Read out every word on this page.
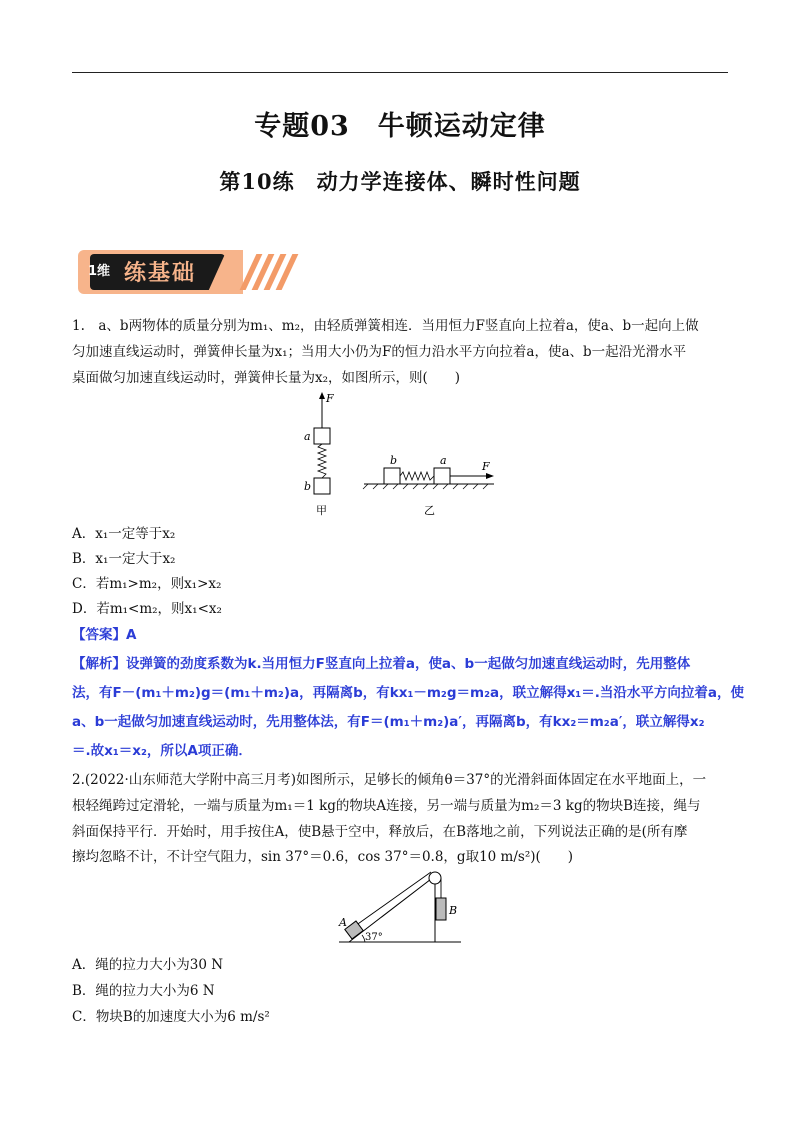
专题03　牛顿运动定律
第10练　动力学连接体、瞬时性问题
1维 练基础

1.　a、b两物体的质量分别为m₁、m₂，由轻质弹簧相连．当用恒力F竖直向上拉着a，使a、b一起向上做

匀加速直线运动时，弹簧伸长量为x₁；当用大小仍为F的恒力沿水平方向拉着a，使a、b一起沿光滑水平

桌面做匀加速直线运动时，弹簧伸长量为x₂，如图所示，则(　　)

F
a
b
甲
b	a	F
乙

A．x₁一定等于x₂

B．x₁一定大于x₂

C．若m₁>m₂，则x₁>x₂

D．若m₁<m₂，则x₁<x₂

【答案】A

【解析】设弹簧的劲度系数为k.当用恒力F竖直向上拉着a，使a、b一起做匀加速直线运动时，先用整体

法，有F－(m₁＋m₂)g＝(m₁＋m₂)a，再隔离b，有kx₁－m₂g＝m₂a，联立解得x₁＝.当沿水平方向拉着a，使

a、b一起做匀加速直线运动时，先用整体法，有F＝(m₁＋m₂)a′，再隔离b，有kx₂＝m₂a′，联立解得x₂

＝.故x₁＝x₂，所以A项正确．

2.(2022·山东师范大学附中高三月考)如图所示，足够长的倾角θ＝37°的光滑斜面体固定在水平地面上，一

根轻绳跨过定滑轮，一端与质量为m₁＝1 kg的物块A连接，另一端与质量为m₂＝3 kg的物块B连接，绳与

斜面保持平行．开始时，用手按住A，使B悬于空中，释放后，在B落地之前，下列说法正确的是(所有摩

擦均忽略不计，不计空气阻力，sin 37°＝0.6，cos 37°＝0.8，g取10 m/s²)(　　)

B
A
37°

A．绳的拉力大小为30 N

B．绳的拉力大小为6 N

C．物块B的加速度大小为6 m/s²
